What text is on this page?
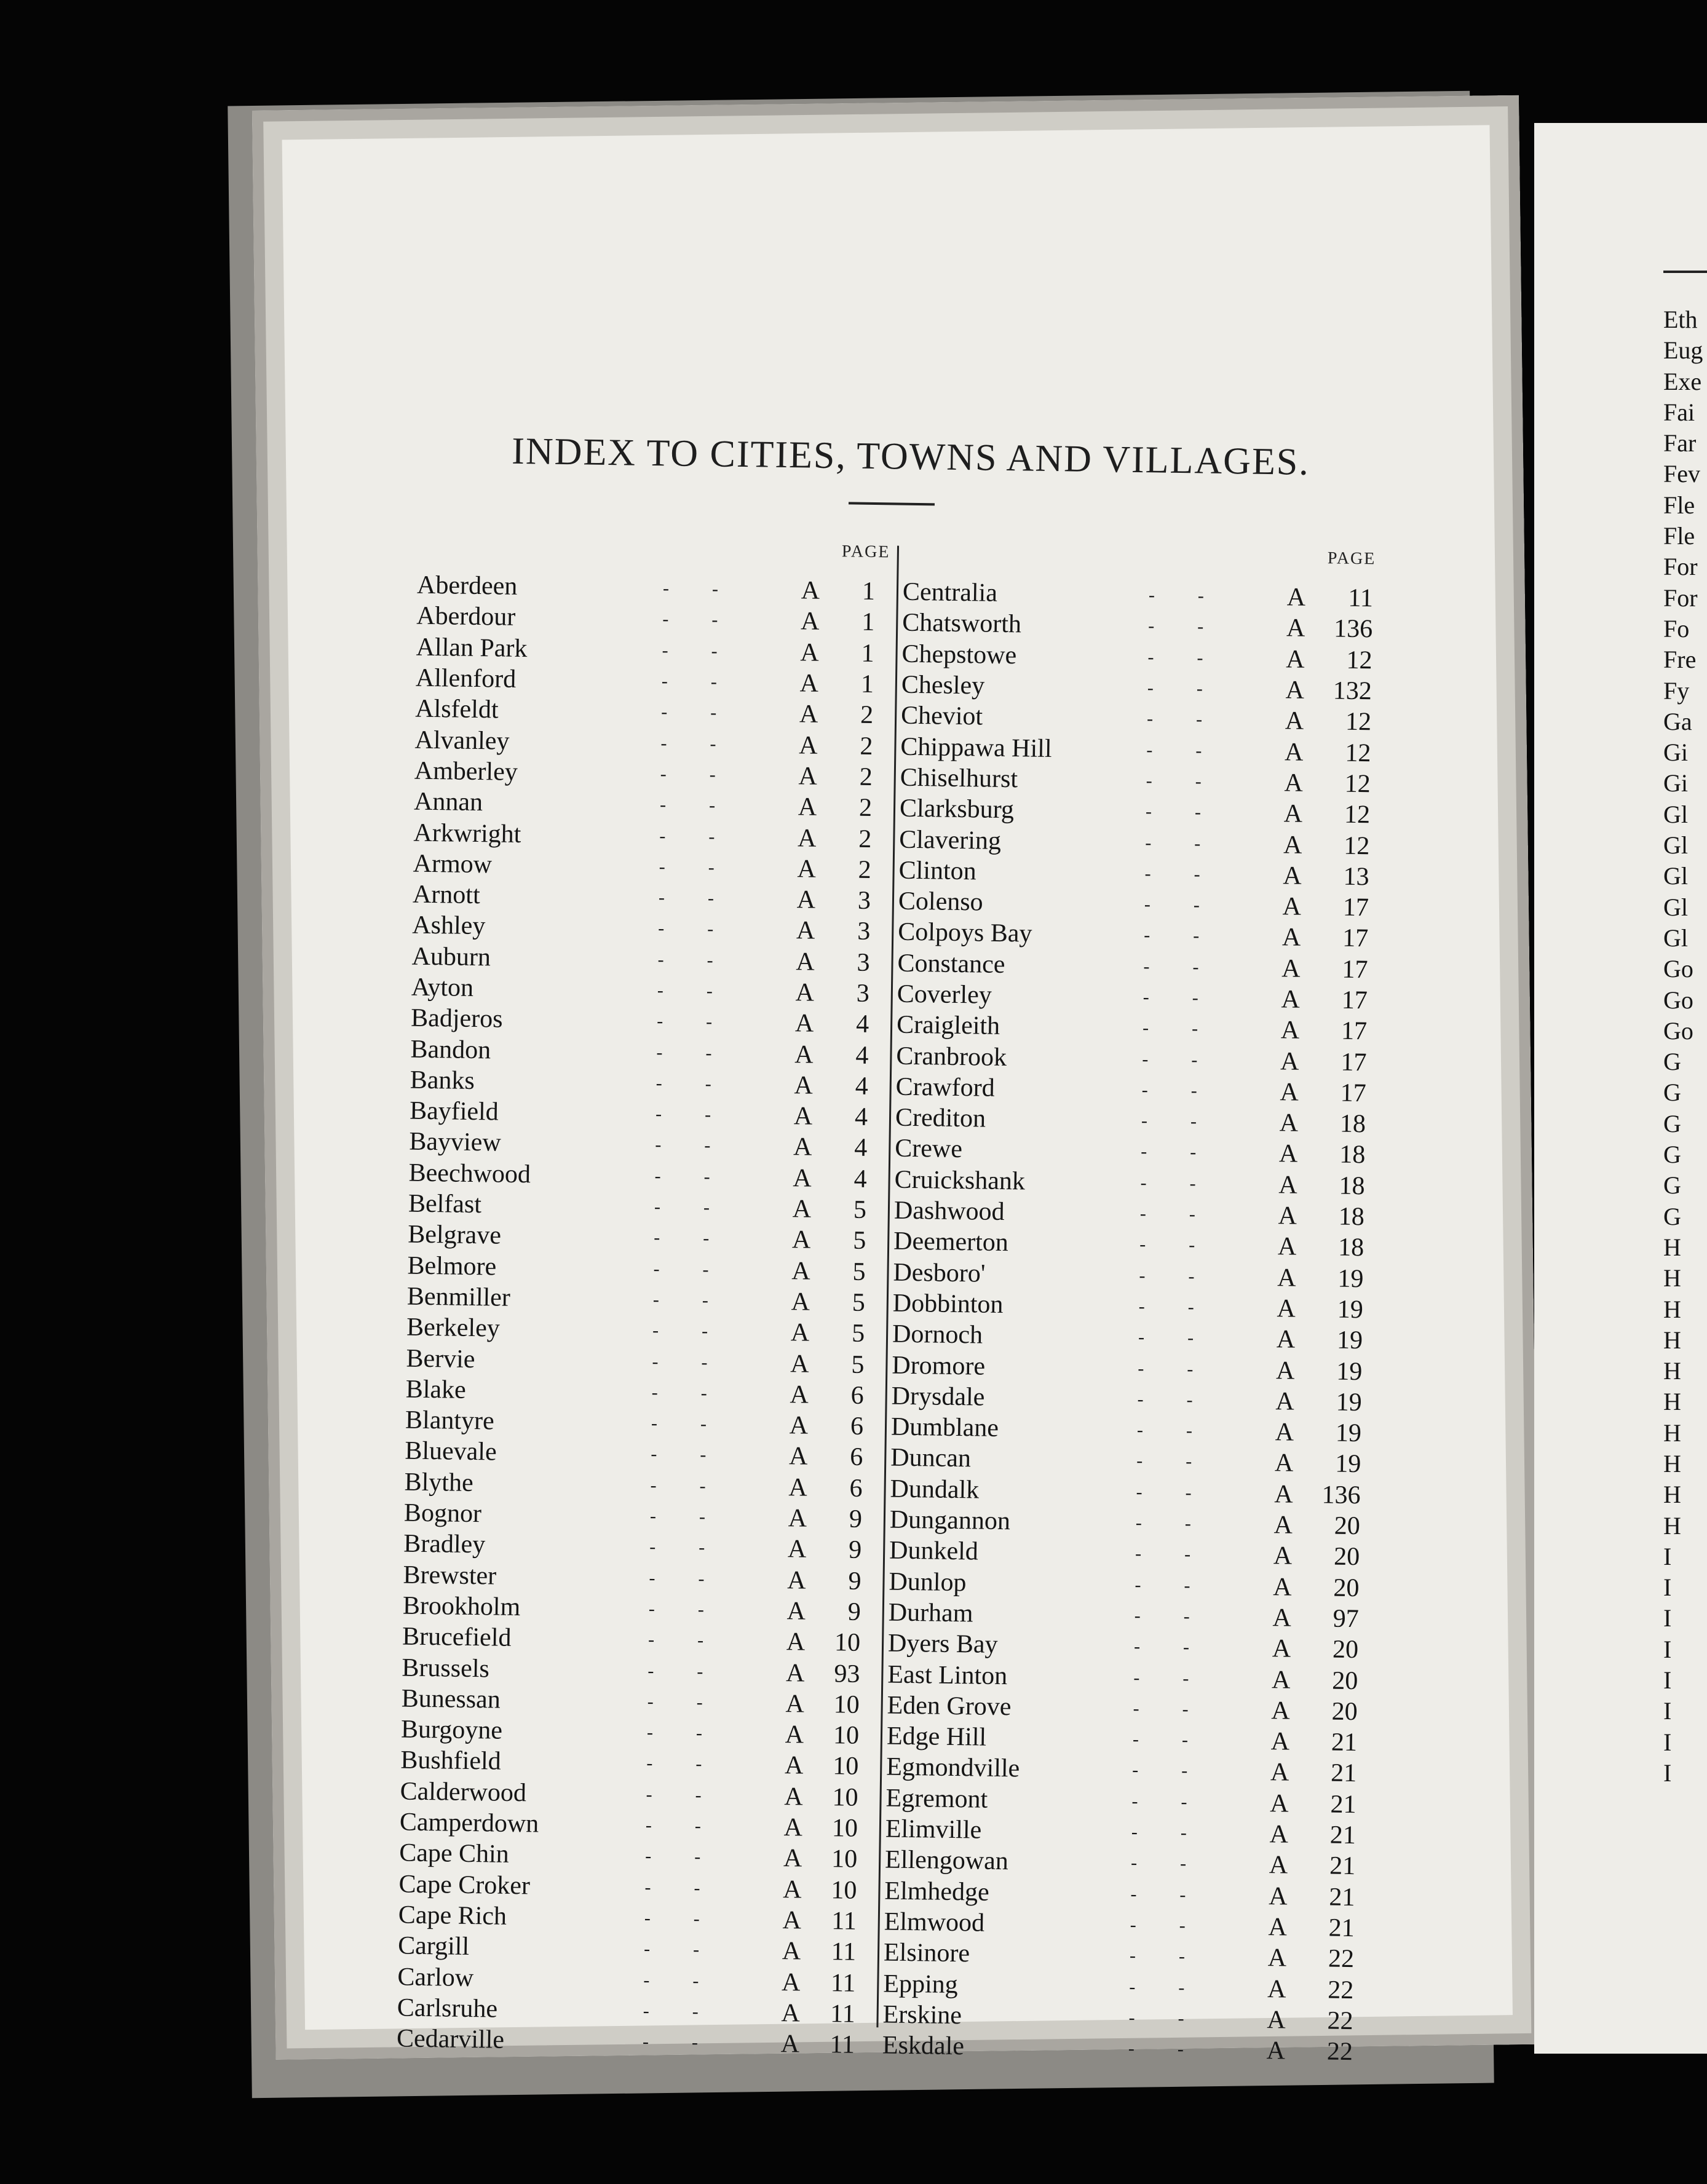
INDEX TO CITIES, TOWNS AND VILLAGES.
PAGE	PAGE
Aberdeen	-	-	A	1
Aberdour	-	-	A	1
Allan Park	-	-	A	1
Allenford	-	-	A	1
Alsfeldt	-	-	A	2
Alvanley	-	-	A	2
Amberley	-	-	A	2
Annan	-	-	A	2
Arkwright	-	-	A	2
Armow	-	-	A	2
Arnott	-	-	A	3
Ashley	-	-	A	3
Auburn	-	-	A	3
Ayton	-	-	A	3
Badjeros	-	-	A	4
Bandon	-	-	A	4
Banks	-	-	A	4
Bayfield	-	-	A	4
Bayview	-	-	A	4
Beechwood	-	-	A	4
Belfast	-	-	A	5
Belgrave	-	-	A	5
Belmore	-	-	A	5
Benmiller	-	-	A	5
Berkeley	-	-	A	5
Bervie	-	-	A	5
Blake	-	-	A	6
Blantyre	-	-	A	6
Bluevale	-	-	A	6
Blythe	-	-	A	6
Bognor	-	-	A	9
Bradley	-	-	A	9
Brewster	-	-	A	9
Brookholm	-	-	A	9
Brucefield	-	-	A	10
Brussels	-	-	A	93
Bunessan	-	-	A	10
Burgoyne	-	-	A	10
Bushfield	-	-	A	10
Calderwood	-	-	A	10
Camperdown	-	-	A	10
Cape Chin	-	-	A	10
Cape Croker	-	-	A	10
Cape Rich	-	-	A	11
Cargill	-	-	A	11
Carlow	-	-	A	11
Carlsruhe	-	-	A	11
Cedarville	-	-	A	11
Centralia	-	-	A	11
Chatsworth	-	-	A	136
Chepstowe	-	-	A	12
Chesley	-	-	A	132
Cheviot	-	-	A	12
Chippawa Hill	-	-	A	12
Chiselhurst	-	-	A	12
Clarksburg	-	-	A	12
Clavering	-	-	A	12
Clinton	-	-	A	13
Colenso	-	-	A	17
Colpoys Bay	-	-	A	17
Constance	-	-	A	17
Coverley	-	-	A	17
Craigleith	-	-	A	17
Cranbrook	-	-	A	17
Crawford	-	-	A	17
Crediton	-	-	A	18
Crewe	-	-	A	18
Cruickshank	-	-	A	18
Dashwood	-	-	A	18
Deemerton	-	-	A	18
Desboro'	-	-	A	19
Dobbinton	-	-	A	19
Dornoch	-	-	A	19
Dromore	-	-	A	19
Drysdale	-	-	A	19
Dumblane	-	-	A	19
Duncan	-	-	A	19
Dundalk	-	-	A	136
Dungannon	-	-	A	20
Dunkeld	-	-	A	20
Dunlop	-	-	A	20
Durham	-	-	A	97
Dyers Bay	-	-	A	20
East Linton	-	-	A	20
Eden Grove	-	-	A	20
Edge Hill	-	-	A	21
Egmondville	-	-	A	21
Egremont	-	-	A	21
Elimville	-	-	A	21
Ellengowan	-	-	A	21
Elmhedge	-	-	A	21
Elmwood	-	-	A	21
Elsinore	-	-	A	22
Epping	-	-	A	22
Erskine	-	-	A	22
Eskdale	-	-	A	22
Eth
Eug
Exe
Fai
Far
Fev
Fle
Fle
For
For
Fo
Fre
Fy
Ga
Gi
Gi
Gl
Gl
Gl
Gl
Gl
Go
Go
Go
G
G
G
G
G
G
H
H
H
H
H
H
H
H
H
H
I
I
I
I
I
I
I
I
